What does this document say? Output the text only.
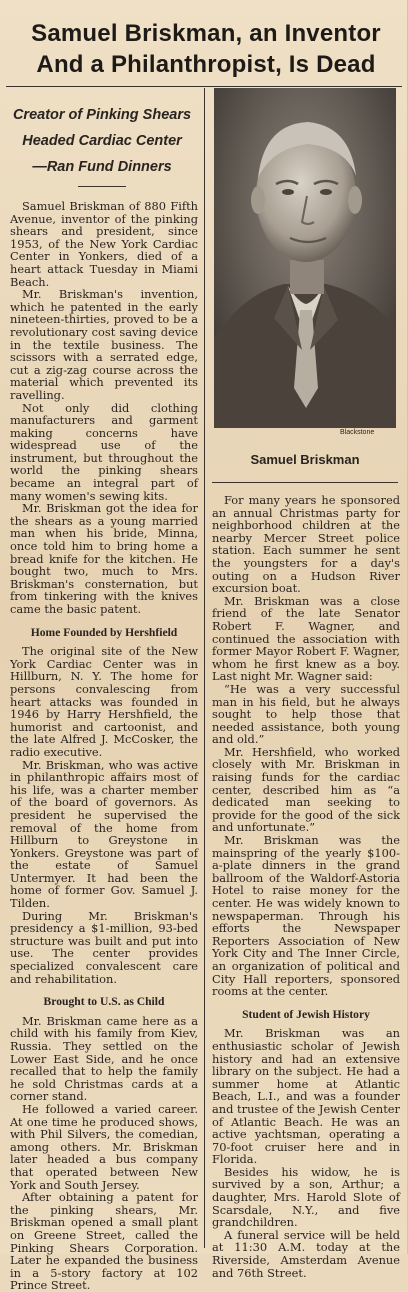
Samuel Briskman, an Inventor
And a Philanthropist, Is Dead
Creator of Pinking Shears
Headed Cardiac Center
—Ran Fund Dinners

Samuel Briskman of 880 Fifth Avenue, inventor of the pinking shears and president, since 1953, of the New York Cardiac Center in Yonkers, died of a heart attack Tuesday in Miami Beach.

Mr. Briskman's invention, which he patented in the early nineteen-thirties, proved to be a revolutionary cost saving device in the textile business. The scissors with a serrated edge, cut a zig-zag course across the material which prevented its ravelling.

Not only did clothing manufacturers and garment making concerns have widespread use of the instrument, but throughout the world the pinking shears became an integral part of many women's sewing kits.

Mr. Briskman got the idea for the shears as a young married man when his bride, Minna, once told him to bring home a bread knife for the kitchen. He bought two, much to Mrs. Briskman's consternation, but from tinkering with the knives came the basic patent.

Home Founded by Hershfield

The original site of the New York Cardiac Center was in Hillburn, N. Y. The home for persons convalescing from heart attacks was founded in 1946 by Harry Hershfield, the humorist and cartoonist, and the late Alfred J. McCosker, the radio executive.

Mr. Briskman, who was active in philanthropic affairs most of his life, was a charter member of the board of governors. As president he supervised the removal of the home from Hillburn to Greystone in Yonkers. Greystone was part of the estate of Samuel Untermyer. It had been the home of former Gov. Samuel J. Tilden.

During Mr. Briskman's presidency a $1-million, 93-bed structure was built and put into use. The center provides specialized convalescent care and rehabilitation.

Brought to U.S. as Child

Mr. Briskman came here as a child with his family from Kiev, Russia. They settled on the Lower East Side, and he once recalled that to help the family he sold Christmas cards at a corner stand.

He followed a varied career. At one time he produced shows, with Phil Silvers, the comedian, among others. Mr. Briskman later headed a bus company that operated between New York and South Jersey.

After obtaining a patent for the pinking shears, Mr. Briskman opened a small plant on Greene Street, called the Pinking Shears Corporation. Later he expanded the business in a 5-story factory at 102 Prince Street.

Blackstone
Samuel Briskman

For many years he sponsored an annual Christmas party for neighborhood children at the nearby Mercer Street police station. Each summer he sent the youngsters for a day's outing on a Hudson River excursion boat.

Mr. Briskman was a close friend of the late Senator Robert F. Wagner, and continued the association with former Mayor Robert F. Wagner, whom he first knew as a boy. Last night Mr. Wagner said:

“He was a very successful man in his field, but he always sought to help those that needed assistance, both young and old.”

Mr. Hershfield, who worked closely with Mr. Briskman in raising funds for the cardiac center, described him as “a dedicated man seeking to provide for the good of the sick and unfortunate.”

Mr. Briskman was the mainspring of the yearly $100-a-plate dinners in the grand ballroom of the Waldorf-Astoria Hotel to raise money for the center. He was widely known to newspaperman. Through his efforts the Newspaper Reporters Association of New York City and The Inner Circle, an organization of political and City Hall reporters, sponsored rooms at the center.

Student of Jewish History

Mr. Briskman was an enthusiastic scholar of Jewish history and had an extensive library on the subject. He had a summer home at Atlantic Beach, L.I., and was a founder and trustee of the Jewish Center of Atlantic Beach. He was an active yachtsman, operating a 70-foot cruiser here and in Florida.

Besides his widow, he is survived by a son, Arthur; a daughter, Mrs. Harold Slote of Scarsdale, N.Y., and five grandchildren.

A funeral service will be held at 11:30 A.M. today at the Riverside, Amsterdam Avenue and 76th Street.
